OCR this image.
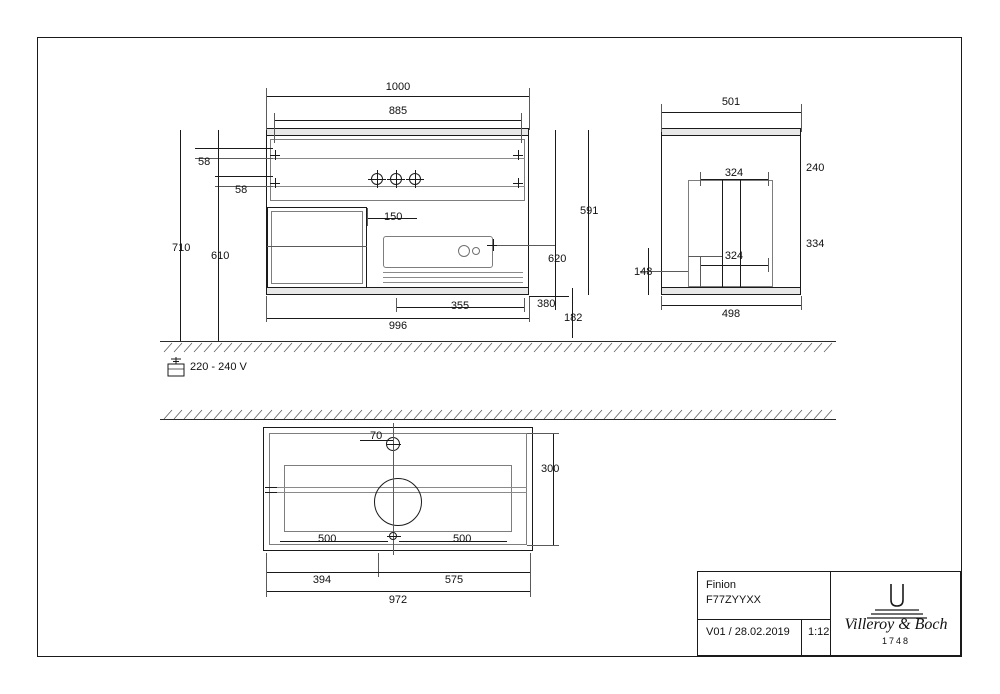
1000
885
996
355
150
58
58
710
610
591
620
380
182
501
498
324
324
240
334
148
220 - 240 V
70
300
500	500
394	575
972
Finion
F77ZYYXX
V01 / 28.02.2019 1:12 Villeroy & Boch
1748
